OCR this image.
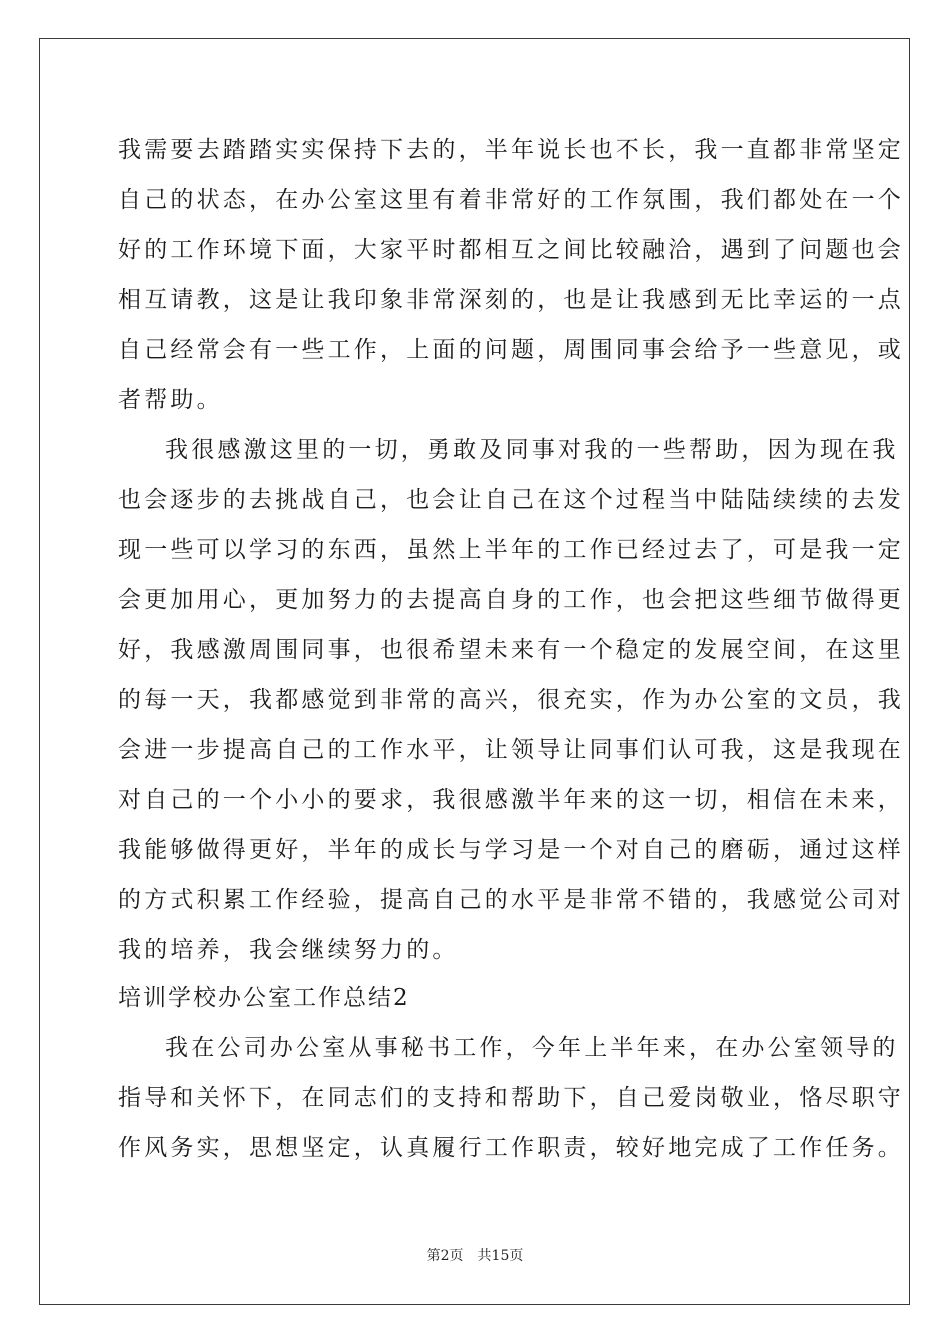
我需要去踏踏实实保持下去的，半年说长也不长，我一直都非常坚定
自己的状态，在办公室这里有着非常好的工作氛围，我们都处在一个
好的工作环境下面，大家平时都相互之间比较融洽，遇到了问题也会
相互请教，这是让我印象非常深刻的，也是让我感到无比幸运的一点
自己经常会有一些工作，上面的问题，周围同事会给予一些意见，或
者帮助。
我很感激这里的一切，勇敢及同事对我的一些帮助，因为现在我
也会逐步的去挑战自己，也会让自己在这个过程当中陆陆续续的去发
现一些可以学习的东西，虽然上半年的工作已经过去了，可是我一定
会更加用心，更加努力的去提高自身的工作，也会把这些细节做得更
好，我感激周围同事，也很希望未来有一个稳定的发展空间，在这里
的每一天，我都感觉到非常的高兴，很充实，作为办公室的文员，我
会进一步提高自己的工作水平，让领导让同事们认可我，这是我现在
对自己的一个小小的要求，我很感激半年来的这一切，相信在未来，
我能够做得更好，半年的成长与学习是一个对自己的磨砺，通过这样
的方式积累工作经验，提高自己的水平是非常不错的，我感觉公司对
我的培养，我会继续努力的。
培训学校办公室工作总结2
我在公司办公室从事秘书工作，今年上半年来，在办公室领导的
指导和关怀下，在同志们的支持和帮助下，自己爱岗敬业，恪尽职守
作风务实，思想坚定，认真履行工作职责，较好地完成了工作任务。
第2页 共15页
